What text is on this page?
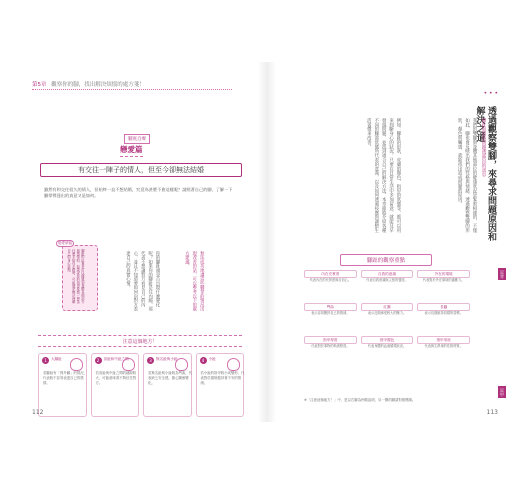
第5章 觀察你的腳，找出解決煩惱的處方箋！
腳底自療
戀愛篇
有交往一陣子的情人，但至今卻無法結婚
雖然有和交往很久的情人，但始終一直不想結婚，究竟為甚麼不會這樣呢？請照著自己的腳，了解一下腳掌傳達出的真意又是如何。
戀愛煩惱
腳趾的位置是可以傳遞到身體各個部分與感情的。如果說你的指甲要想一想為什麼手指在走路時，可能就是無法理解自己的身心狀態。	你的腳趾頭是否出現什麼變化呢？如果你的腳趾是往內縮，那代表不想讓對方看見自己的內心，並且不知道要如何向對方表達自己的真實心情。	無法成功地讓這些腳掌的情況出現改善的話，可以參考以下的處方建議。
注意這個地方！
1	大腳趾
若腳趾有「拇外翻」的情況，代表較不容易表達自己的感情。
2	食趾和中趾之間
若食趾與中趾之間的縫隙較大，可能意味著不夠信任對方。
3	無名趾與小趾
若無名趾與小趾較為彎曲，代表缺乏安全感，擔心關係變化。
4	小趾
若小趾的指甲較小或變形，代表對於婚姻抱持著不安的情緒。
112
• • •
透過觀察雙腳，來尋求問題原因和解決之道
腳趾與感情問題透露出的訊息
我們的雙腳與身體其他部位的健康狀況是緊密相連的，不僅如此，腳也會反映出我們的性格與情緒。透過觀察雙腳的形狀、顏色與觸感，就能找出造成問題的原因。
例如：腳趾的形狀、皮膚的顏色、指甲的狀態等，都可以用來判斷身心的狀況。只要在日常生活中多加留意，就能及早發現問題，並找到適合自己的解決方法。本章節將介紹各種不同的腳部狀態所代表的意義，以及如何透過按摩與調整生活習慣來改善。
足背
足甲
腳趾的觀察重點
內在充實度
代表內在的充實度與自信心。
自我的意識
代表自我意識與主張的強度。
外在的環境
代表對於外在環境的適應力。
彎曲
表示容易壓抑自己的情緒。
紅腫
表示近期承受較大的壓力。
長繭
表示長期維持同樣的習慣。
指甲厚度
代表對於事物的執著程度。
指甲顏色
代表身體的血液循環狀況。
指甲形狀
代表與生俱來的性格特質。
※「注意這個地方！」中，是以右腳為例做說明，另一側的腳請對照閱讀。
113
